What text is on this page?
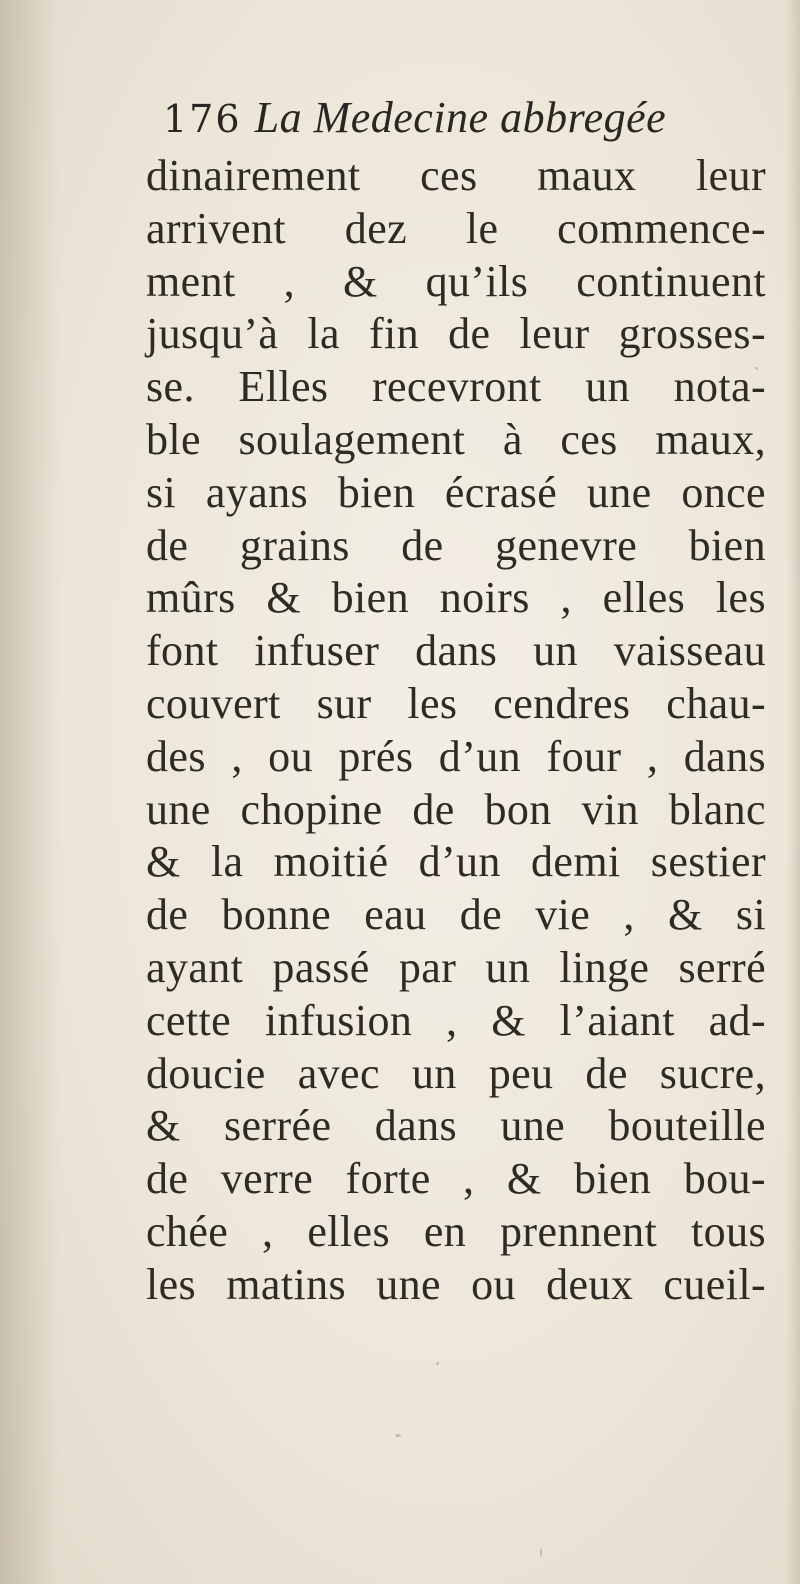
176 La Medecine abbregée
dinairement ces maux leur
arrivent dez le commence-
ment , & qu’ils continuent
jusqu’à la fin de leur grosses-
se. Elles recevront un nota-
ble soulagement à ces maux,
si ayans bien écrasé une once
de grains de genevre bien
mûrs & bien noirs , elles les
font infuser dans un vaisseau
couvert sur les cendres chau-
des , ou prés d’un four , dans
une chopine de bon vin blanc
& la moitié d’un demi sestier
de bonne eau de vie , & si
ayant passé par un linge serré
cette infusion , & l’aiant ad-
doucie avec un peu de sucre,
& serrée dans une bouteille
de verre forte , & bien bou-
chée , elles en prennent tous
les matins une ou deux cueil-
